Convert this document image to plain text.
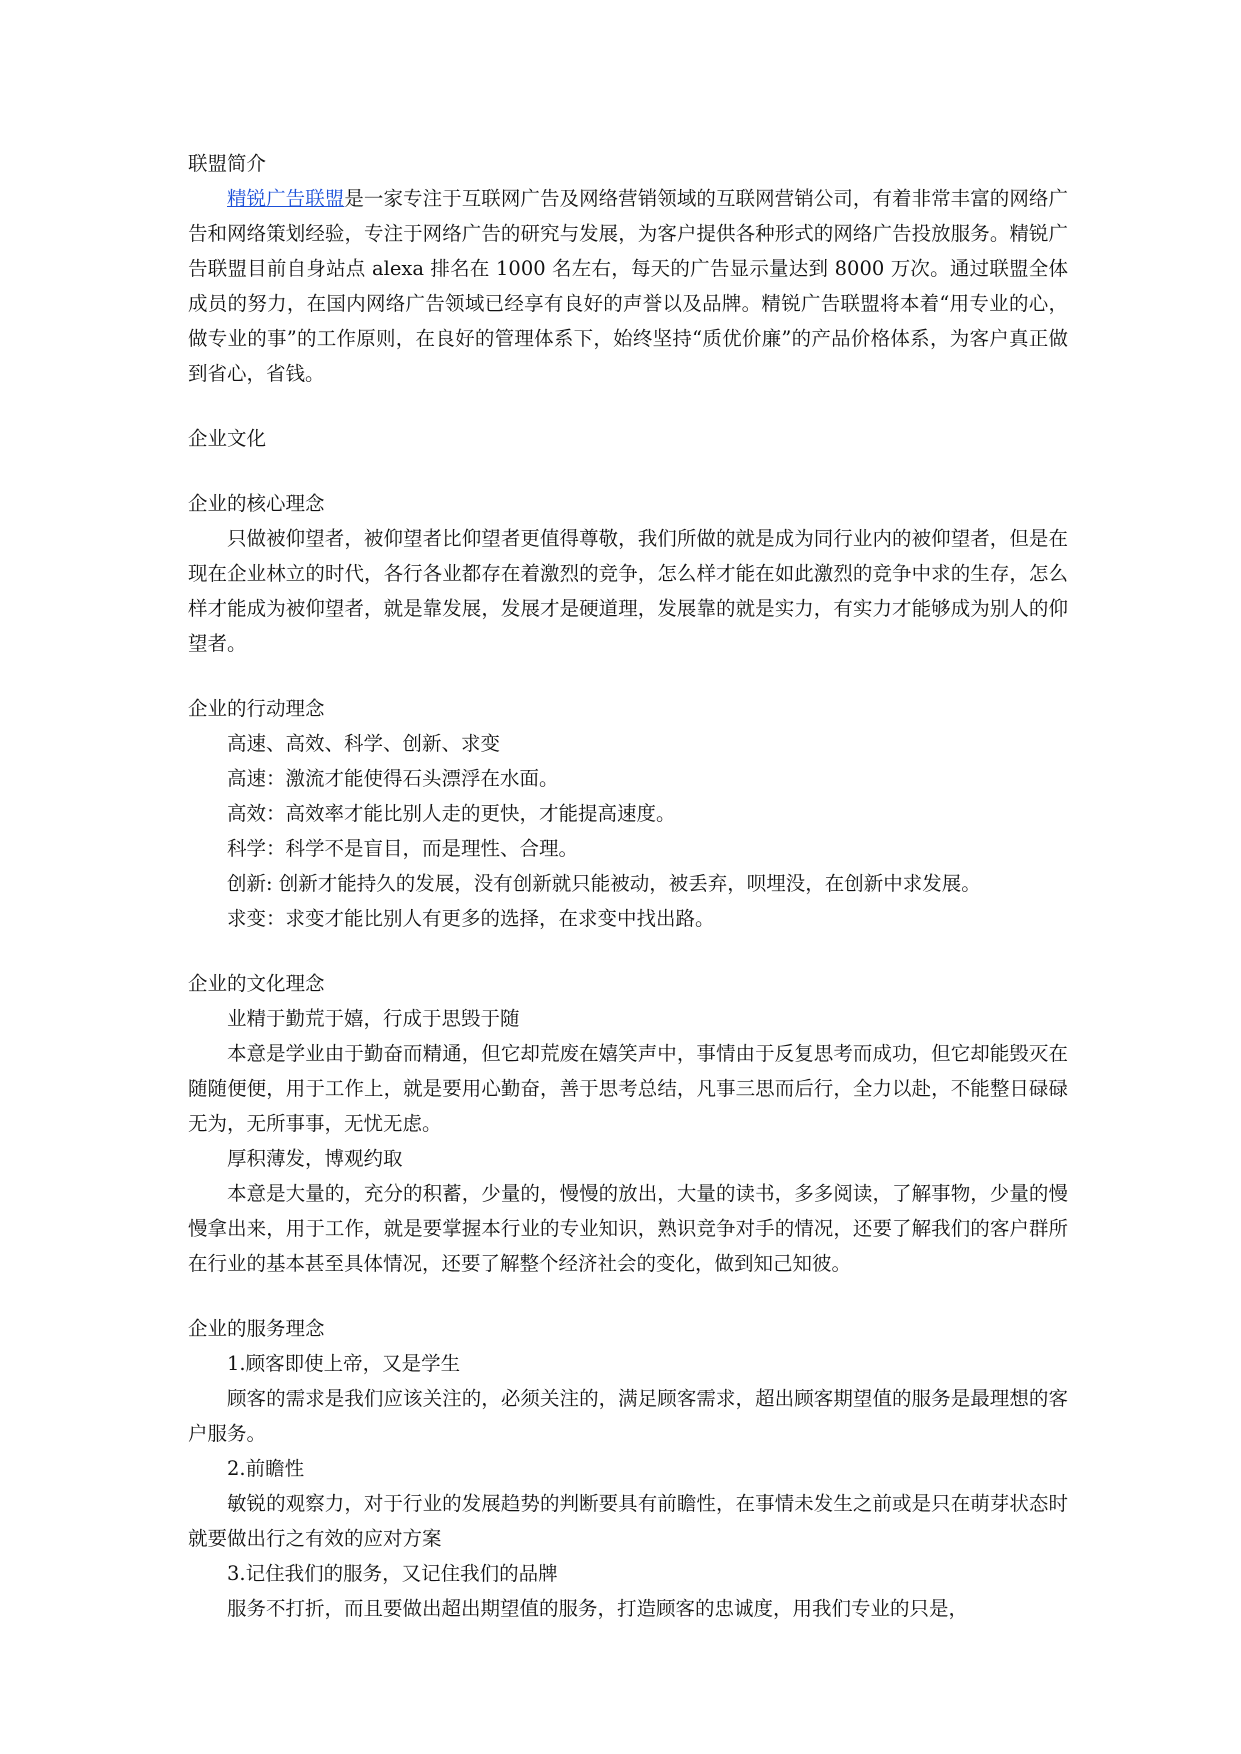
联盟简介

精锐广告联盟是一家专注于互联网广告及网络营销领域的互联网营销公司，有着非常丰富的网络广告和网络策划经验，专注于网络广告的研究与发展，为客户提供各种形式的网络广告投放服务。精锐广告联盟目前自身站点 alexa 排名在 1000 名左右，每天的广告显示量达到 8000 万次。通过联盟全体成员的努力，在国内网络广告领域已经享有良好的声誉以及品牌。精锐广告联盟将本着“用专业的心，做专业的事”的工作原则，在良好的管理体系下，始终坚持“质优价廉”的产品价格体系，为客户真正做到省心，省钱。

企业文化

企业的核心理念

只做被仰望者，被仰望者比仰望者更值得尊敬，我们所做的就是成为同行业内的被仰望者，但是在现在企业林立的时代，各行各业都存在着激烈的竞争，怎么样才能在如此激烈的竞争中求的生存，怎么样才能成为被仰望者，就是靠发展，发展才是硬道理，发展靠的就是实力，有实力才能够成为别人的仰望者。

企业的行动理念

高速、高效、科学、创新、求变

高速：激流才能使得石头漂浮在水面。

高效：高效率才能比别人走的更快，才能提高速度。

科学：科学不是盲目，而是理性、合理。

创新: 创新才能持久的发展，没有创新就只能被动，被丢弃，呗埋没，在创新中求发展。

求变：求变才能比别人有更多的选择，在求变中找出路。

企业的文化理念

业精于勤荒于嬉，行成于思毁于随

本意是学业由于勤奋而精通，但它却荒废在嬉笑声中，事情由于反复思考而成功，但它却能毁灭在随随便便，用于工作上，就是要用心勤奋，善于思考总结，凡事三思而后行，全力以赴，不能整日碌碌无为，无所事事，无忧无虑。

厚积薄发，博观约取

本意是大量的，充分的积蓄，少量的，慢慢的放出，大量的读书，多多阅读，了解事物，少量的慢慢拿出来，用于工作，就是要掌握本行业的专业知识，熟识竞争对手的情况，还要了解我们的客户群所在行业的基本甚至具体情况，还要了解整个经济社会的变化，做到知己知彼。

企业的服务理念

1.顾客即使上帝，又是学生

顾客的需求是我们应该关注的，必须关注的，满足顾客需求，超出顾客期望值的服务是最理想的客户服务。

2.前瞻性

敏锐的观察力，对于行业的发展趋势的判断要具有前瞻性，在事情未发生之前或是只在萌芽状态时就要做出行之有效的应对方案

3.记住我们的服务，又记住我们的品牌

服务不打折，而且要做出超出期望值的服务，打造顾客的忠诚度，用我们专业的只是，
